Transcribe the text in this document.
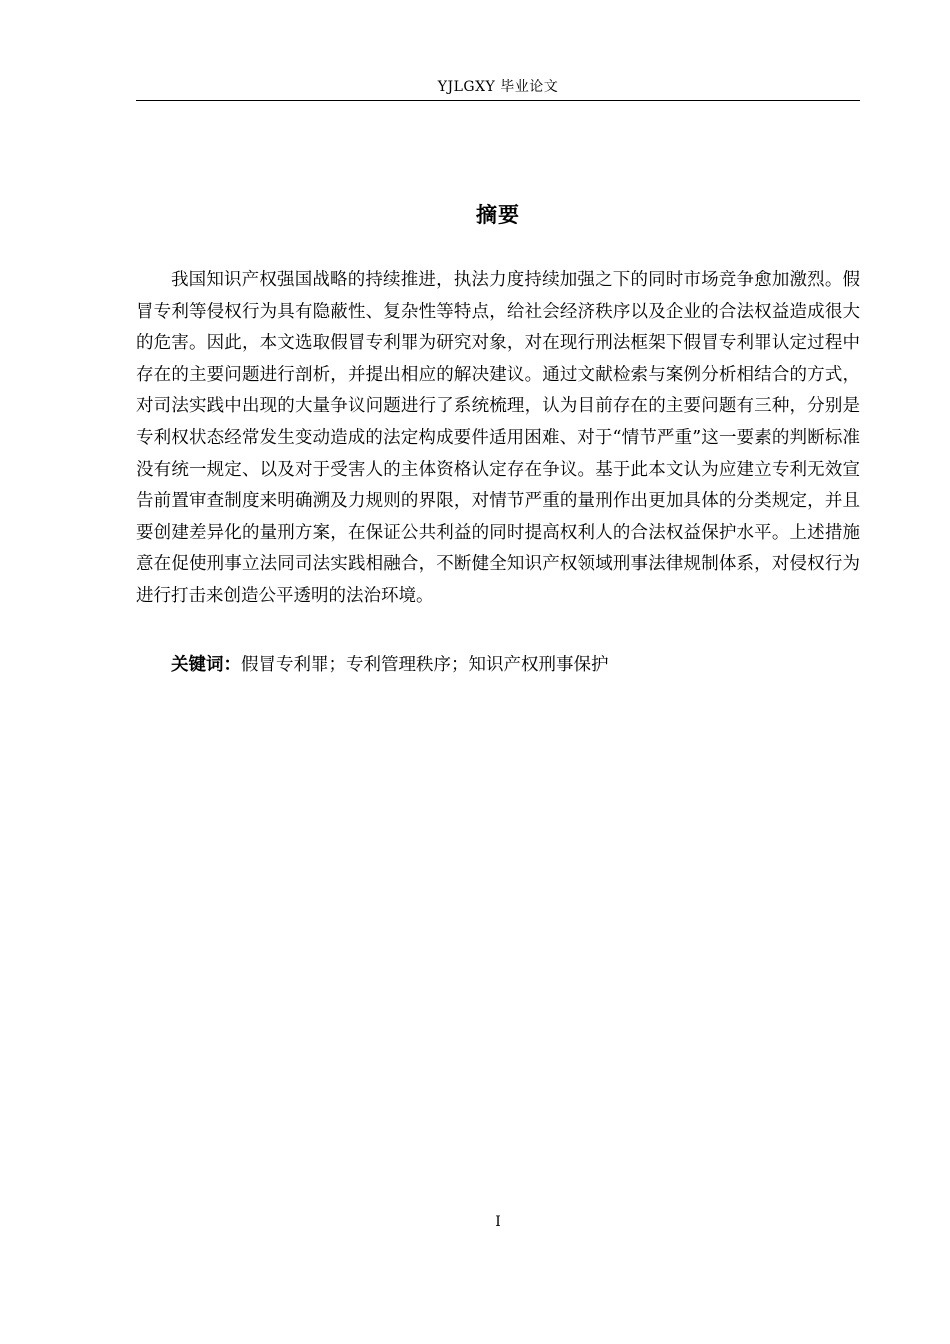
YJLGXY 毕业论文
摘要

我国知识产权强国战略的持续推进，执法力度持续加强之下的同时市场竞争愈加激烈。假冒专利等侵权行为具有隐蔽性、复杂性等特点，给社会经济秩序以及企业的合法权益造成很大的危害。因此，本文选取假冒专利罪为研究对象，对在现行刑法框架下假冒专利罪认定过程中存在的主要问题进行剖析，并提出相应的解决建议。通过文献检索与案例分析相结合的方式，对司法实践中出现的大量争议问题进行了系统梳理，认为目前存在的主要问题有三种，分别是专利权状态经常发生变动造成的法定构成要件适用困难、对于“情节严重”这一要素的判断标准没有统一规定、以及对于受害人的主体资格认定存在争议。基于此本文认为应建立专利无效宣告前置审查制度来明确溯及力规则的界限，对情节严重的量刑作出更加具体的分类规定，并且要创建差异化的量刑方案，在保证公共利益的同时提高权利人的合法权益保护水平。上述措施意在促使刑事立法同司法实践相融合，不断健全知识产权领域刑事法律规制体系，对侵权行为进行打击来创造公平透明的法治环境。

关键词：假冒专利罪；专利管理秩序；知识产权刑事保护
I
